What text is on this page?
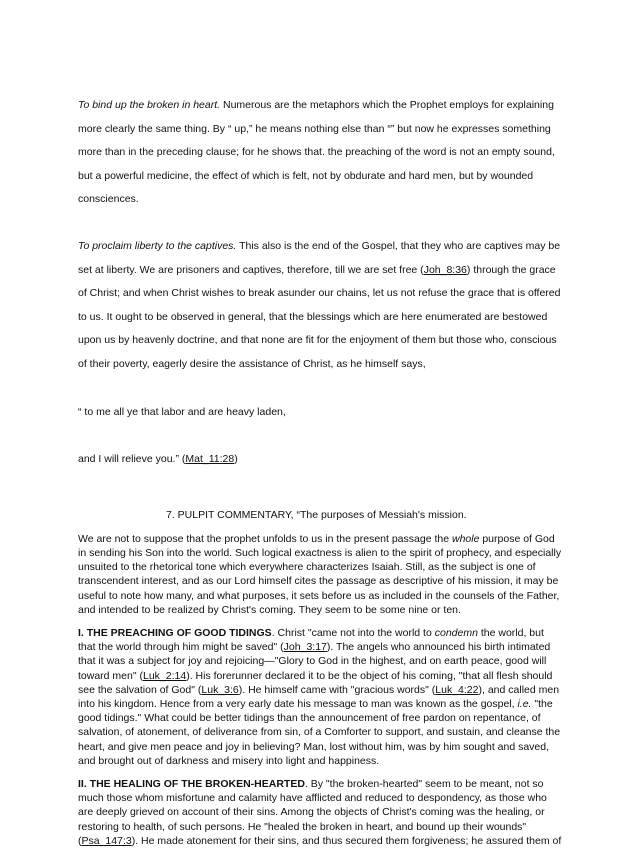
To bind up the broken in heart. Numerous are the metaphors which the Prophet employs for explaining more clearly the same thing. By “ up,” he means nothing else than “” but now he expresses something more than in the preceding clause; for he shows that. the preaching of the word is not an empty sound, but a powerful medicine, the effect of which is felt, not by obdurate and hard men, but by wounded consciences.

To proclaim liberty to the captives. This also is the end of the Gospel, that they who are captives may be set at liberty. We are prisoners and captives, therefore, till we are set free (Joh_8:36) through the grace of Christ; and when Christ wishes to break asunder our chains, let us not refuse the grace that is offered to us. It ought to be observed in general, that the blessings which are here enumerated are bestowed upon us by heavenly doctrine, and that none are fit for the enjoyment of them but those who, conscious of their poverty, eagerly desire the assistance of Christ, as he himself says,

“ to me all ye that labor and are heavy laden,

and I will relieve you.” (Mat_11:28)

7. PULPIT COMMENTARY, “The purposes of Messiah's mission.

We are not to suppose that the prophet unfolds to us in the present passage the whole purpose of God in sending his Son into the world. Such logical exactness is alien to the spirit of prophecy, and especially unsuited to the rhetorical tone which everywhere characterizes Isaiah. Still, as the subject is one of transcendent interest, and as our Lord himself cites the passage as descriptive of his mission, it may be useful to note how many, and what purposes, it sets before us as included in the counsels of the Father, and intended to be realized by Christ's coming. They seem to be some nine or ten.

I. THE PREACHING OF GOOD TIDINGS. Christ "came not into the world to condemn the world, but that the world through him might be saved" (Joh_3:17). The angels who announced his birth intimated that it was a subject for joy and rejoicing—"Glory to God in the highest, and on earth peace, good will toward men" (Luk_2:14). His forerunner declared it to be the object of his coming, "that all flesh should see the salvation of God" (Luk_3:6). He himself came with "gracious words" (Luk_4:22), and called men into his kingdom. Hence from a very early date his message to man was known as the gospel, i.e. "the good tidings." What could be better tidings than the announcement of free pardon on repentance, of salvation, of atonement, of deliverance from sin, of a Comforter to support, and sustain, and cleanse the heart, and give men peace and joy in believing? Man, lost without him, was by him sought and saved, and brought out of darkness and misery into light and happiness.

II. THE HEALING OF THE BROKEN-HEARTED. By "the broken-hearted" seem to be meant, not so much those whom misfortune and calamity have afflicted and reduced to despondency, as those who are deeply grieved on account of their sins. Among the objects of Christ's coming was the healing, or restoring to health, of such persons. He "healed the broken in heart, and bound up their wounds" (Psa_147:3). He made atonement for their sins, and thus secured them forgiveness; he assured them of
